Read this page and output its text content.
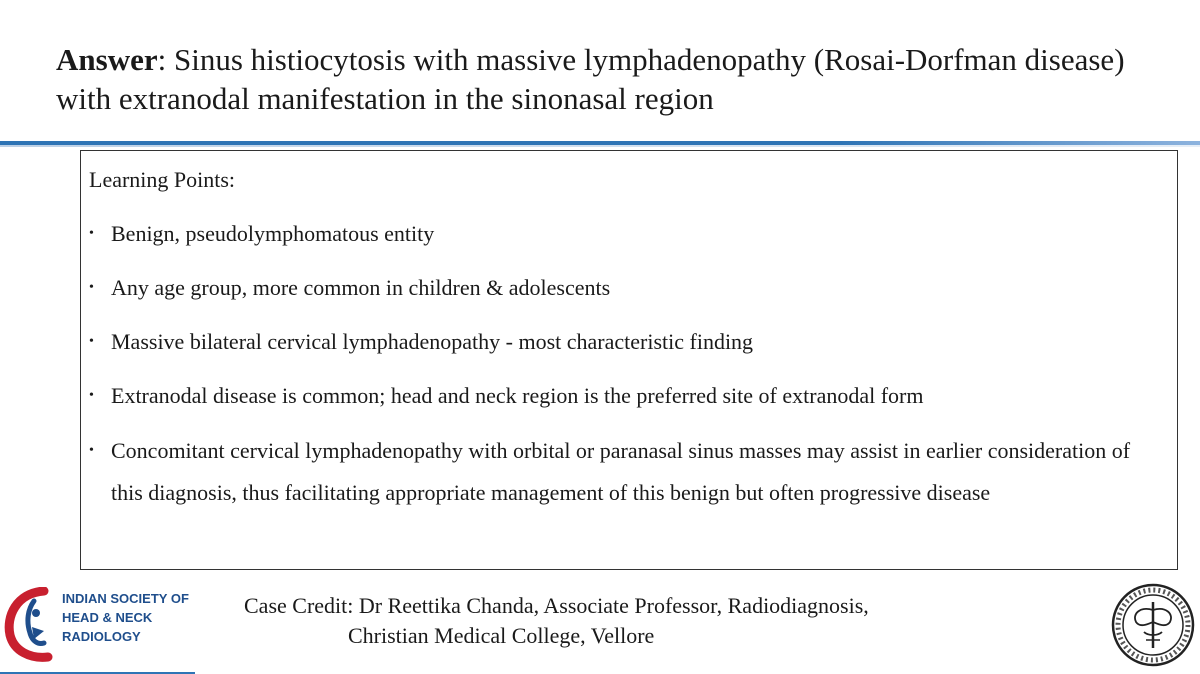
Answer: Sinus histiocytosis with massive lymphadenopathy (Rosai-Dorfman disease) with extranodal manifestation in the sinonasal region
Learning Points:
• Benign, pseudolymphomatous entity
• Any age group, more common in children & adolescents
• Massive bilateral cervical lymphadenopathy - most characteristic finding
• Extranodal disease is common; head and neck region is the preferred site of extranodal form
• Concomitant cervical lymphadenopathy with orbital or paranasal sinus masses may assist in earlier consideration of this diagnosis, thus facilitating appropriate management of this benign but often progressive disease
INDIAN SOCIETY OF
HEAD & NECK
RADIOLOGY
Case Credit: Dr Reettika Chanda, Associate Professor, Radiodiagnosis,
Christian Medical College, Vellore
